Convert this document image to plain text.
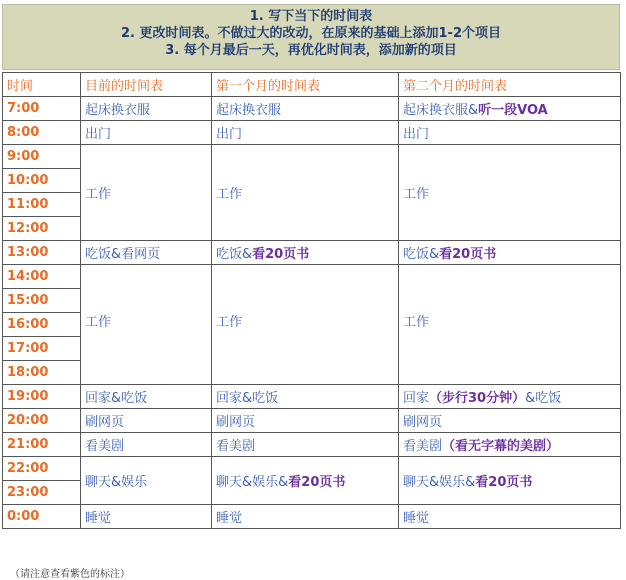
1. 写下当下的时间表
2. 更改时间表。不做过大的改动，在原来的基础上添加1-2个项目
3. 每个月最后一天，再优化时间表，添加新的项目
时间	目前的时间表	第一个月的时间表	第二个月的时间表
7:00	起床换衣服	起床换衣服	起床换衣服&听一段VOA
8:00	出门	出门	出门
9:00	工作	工作	工作
10:00			
11:00			
12:00			
13:00	吃饭&看网页	吃饭&看20页书	吃饭&看20页书
14:00	工作	工作	工作
15:00			
16:00			
17:00			
18:00			
19:00	回家&吃饭	回家&吃饭	回家（步行30分钟）&吃饭
20:00	刷网页	刷网页	刷网页
21:00	看美剧	看美剧	看美剧（看无字幕的美剧）
22:00	聊天&娱乐	聊天&娱乐&看20页书	聊天&娱乐&看20页书
23:00			
0:00	睡觉	睡觉	睡觉
（请注意查看紫色的标注）
